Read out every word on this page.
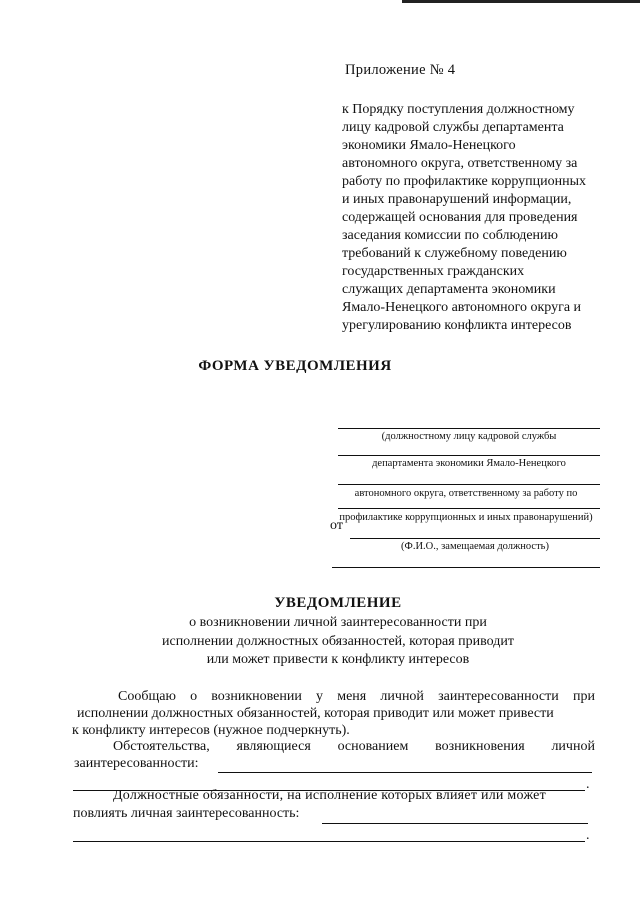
Приложение № 4
к Порядку поступления должностному
лицу кадровой службы департамента
экономики Ямало-Ненецкого
автономного округа, ответственному за
работу по профилактике коррупционных
и иных правонарушений информации,
содержащей основания для проведения
заседания комиссии по соблюдению
требований к служебному поведению
государственных гражданских
служащих департамента экономики
Ямало-Ненецкого автономного округа и
урегулированию конфликта интересов
ФОРМА УВЕДОМЛЕНИЯ
(должностному лицу кадровой службы
департамента экономики Ямало-Ненецкого
автономного округа, ответственному за работу по
профилактике коррупционных и иных правонарушений)
от
(Ф.И.О., замещаемая должность)
УВЕДОМЛЕНИЕ
о возникновении личной заинтересованности при
исполнении должностных обязанностей, которая приводит
или может привести к конфликту интересов
Сообщаю о возникновении у меня личной заинтересованности при
исполнении должностных обязанностей, которая приводит или может привести
к конфликту интересов (нужное подчеркнуть).
Обстоятельства, являющиеся основанием возникновения личной
заинтересованности:
.
Должностные обязанности, на исполнение которых влияет или может
повлиять личная заинтересованность:
.
